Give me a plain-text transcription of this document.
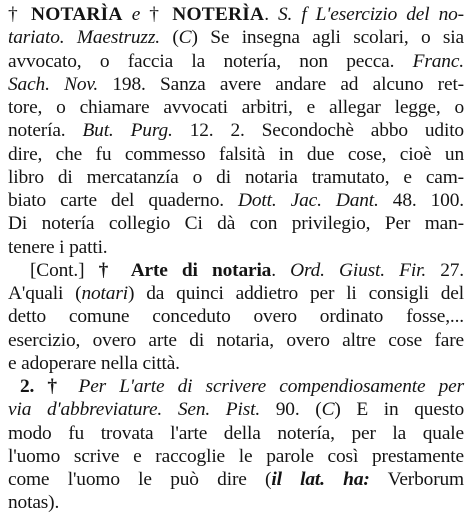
† NOTARÌA e † NOTERÌA. S. f L'esercizio del no-
tariato. Maestruzz. (C) Se insegna agli scolari, o sia
avvocato, o faccia la notería, non pecca. Franc.
Sach. Nov. 198. Sanza avere andare ad alcuno ret-
tore, o chiamare avvocati arbitri, e allegar legge, o
notería. But. Purg. 12. 2. Secondochè abbo udito
dire, che fu commesso falsità in due cose, cioè un
libro di mercatanzía o di notaria tramutato, e cam-
biato carte del quaderno. Dott. Jac. Dant. 48. 100.
Di notería collegio Ci dà con privilegio, Per man-
tenere i patti.
[Cont.] † Arte di notaria. Ord. Giust. Fir. 27.
A'quali (notari) da quinci addietro per li consigli del
detto comune conceduto overo ordinato fosse,...
esercizio, overo arte di notaria, overo altre cose fare
e adoperare nella città.
2. † Per L'arte di scrivere compendiosamente per
via d'abbreviature. Sen. Pist. 90. (C) E in questo
modo fu trovata l'arte della notería, per la quale
l'uomo scrive e raccoglie le parole così prestamente
come l'uomo le può dire (il lat. ha: Verborum
notas).
